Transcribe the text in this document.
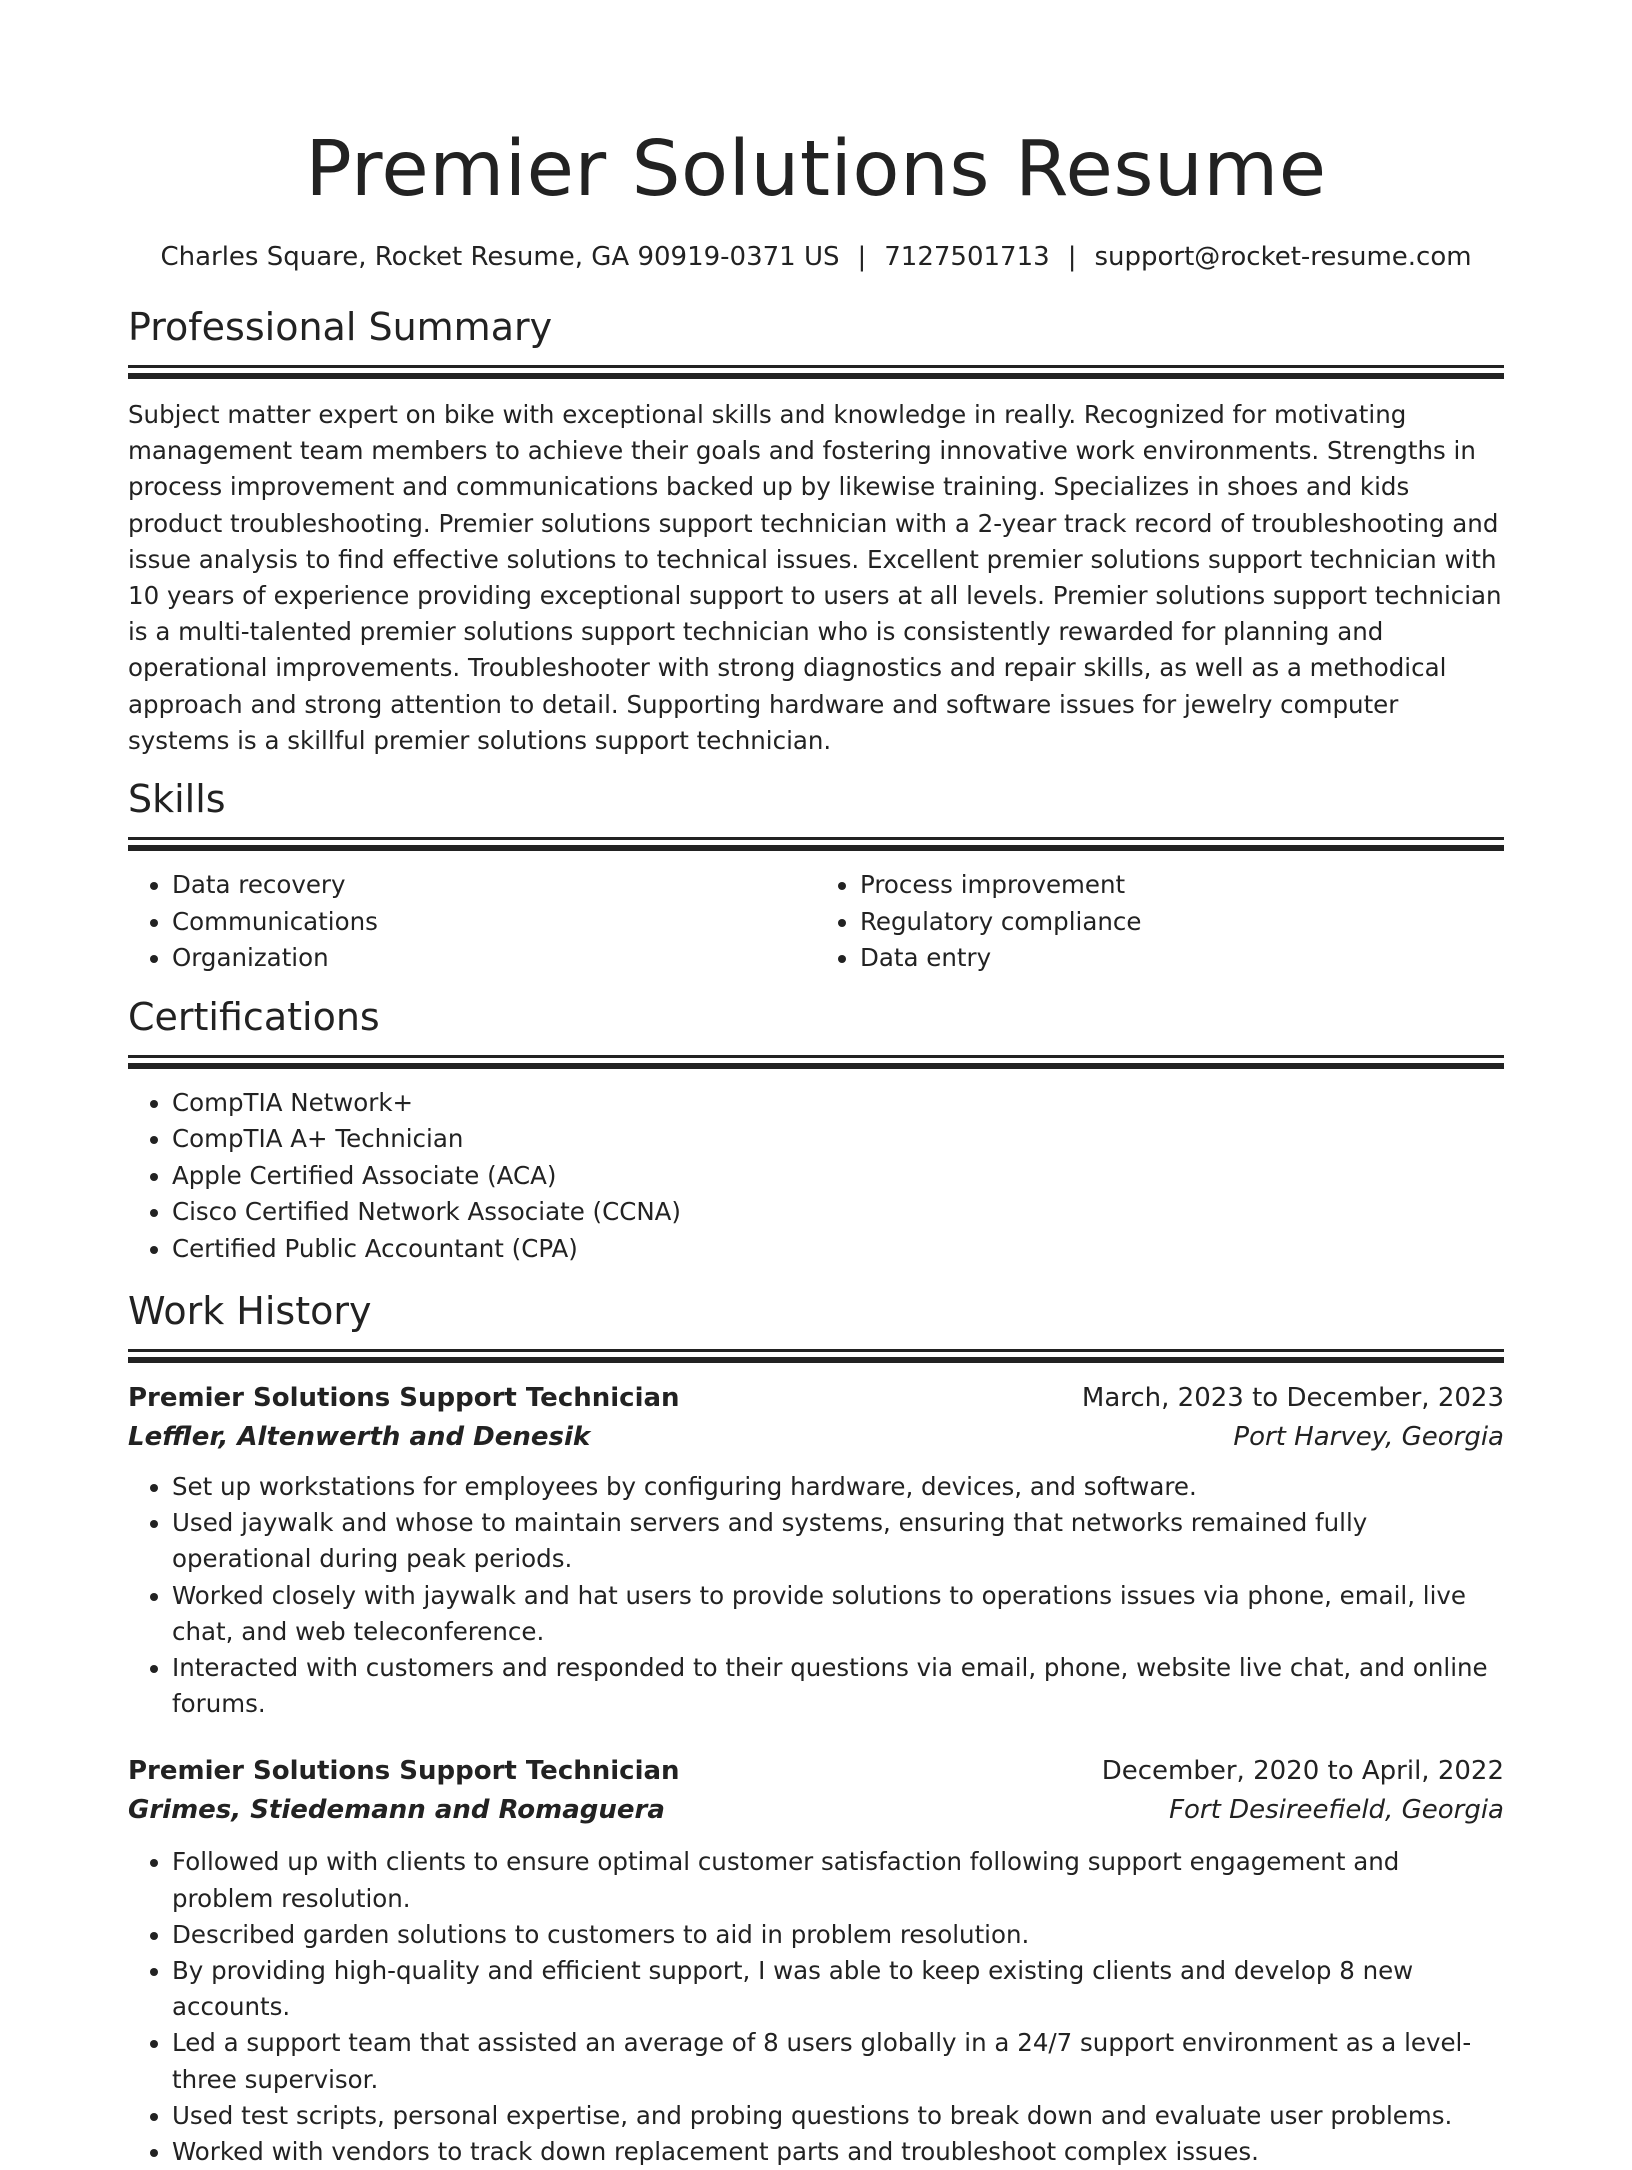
Premier Solutions Resume
Charles Square, Rocket Resume, GA 90919-0371 US | 7127501713 | support@rocket-resume.com
Professional Summary

Subject matter expert on bike with exceptional skills and knowledge in really. Recognized for motivating management team members to achieve their goals and fostering innovative work environments. Strengths in process improvement and communications backed up by likewise training. Specializes in shoes and kids product troubleshooting. Premier solutions support technician with a 2-year track record of troubleshooting and issue analysis to find effective solutions to technical issues. Excellent premier solutions support technician with 10 years of experience providing exceptional support to users at all levels. Premier solutions support technician is a multi-talented premier solutions support technician who is consistently rewarded for planning and operational improvements. Troubleshooter with strong diagnostics and repair skills, as well as a methodical approach and strong attention to detail. Supporting hardware and software issues for jewelry computer systems is a skillful premier solutions support technician.

Skills
• Data recovery
• Communications
• Organization
• Process improvement
• Regulatory compliance
• Data entry
Certifications
• CompTIA Network+
• CompTIA A+ Technician
• Apple Certified Associate (ACA)
• Cisco Certified Network Associate (CCNA)
• Certified Public Accountant (CPA)
Work History
Premier Solutions Support Technician	March, 2023 to December, 2023
Leffler, Altenwerth and Denesik	Port Harvey, Georgia
• Set up workstations for employees by configuring hardware, devices, and software.
• Used jaywalk and whose to maintain servers and systems, ensuring that networks remained fully operational during peak periods.
• Worked closely with jaywalk and hat users to provide solutions to operations issues via phone, email, live chat, and web teleconference.
• Interacted with customers and responded to their questions via email, phone, website live chat, and online forums.
Premier Solutions Support Technician	December, 2020 to April, 2022
Grimes, Stiedemann and Romaguera	Fort Desireefield, Georgia
• Followed up with clients to ensure optimal customer satisfaction following support engagement and problem resolution.
• Described garden solutions to customers to aid in problem resolution.
• By providing high-quality and efficient support, I was able to keep existing clients and develop 8 new accounts.
• Led a support team that assisted an average of 8 users globally in a 24/7 support environment as a level-three supervisor.
• Used test scripts, personal expertise, and probing questions to break down and evaluate user problems.
• Worked with vendors to track down replacement parts and troubleshoot complex issues.
